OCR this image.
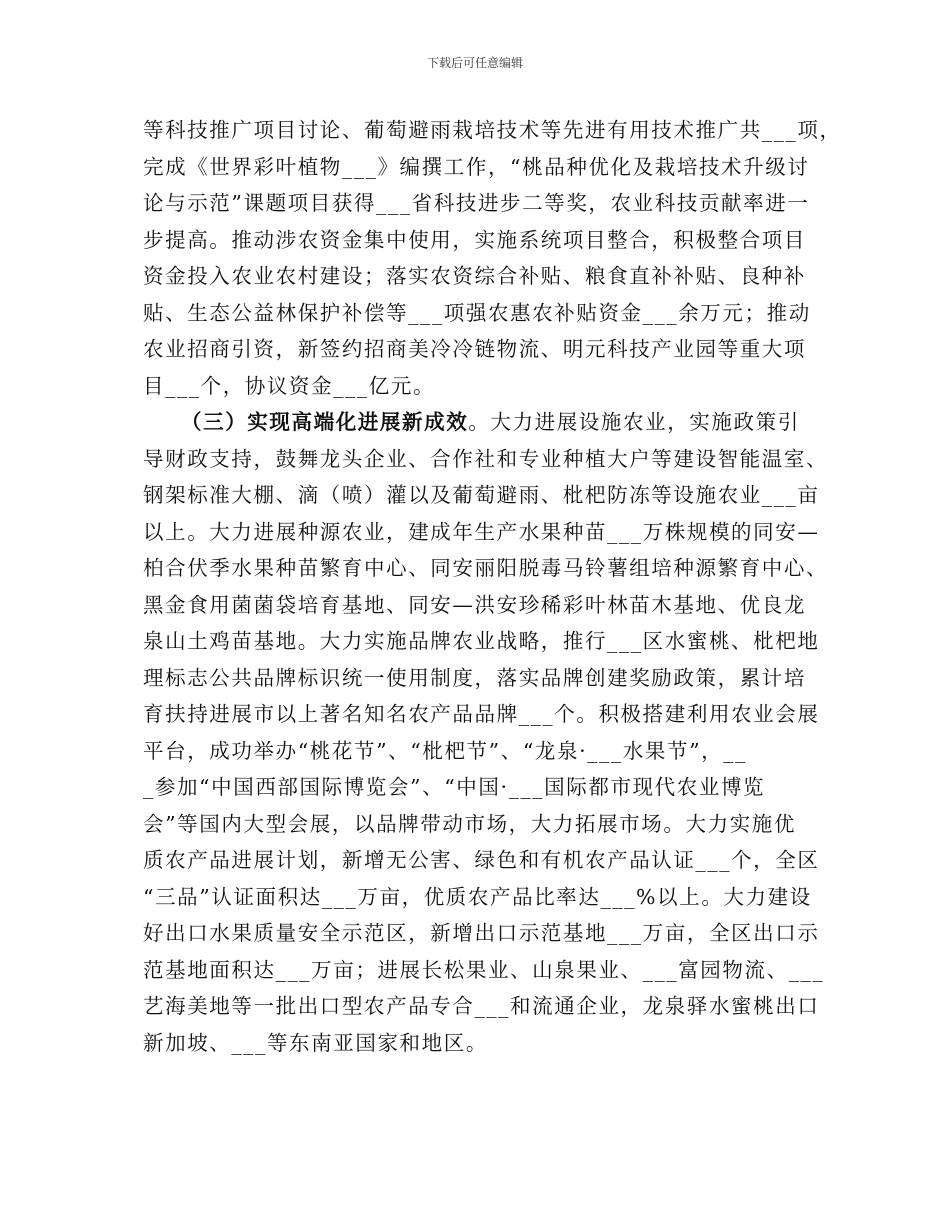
下载后可任意编辑
等科技推广项目讨论、葡萄避雨栽培技术等先进有用技术推广共___项，
完成《世界彩叶植物___》编撰工作，“桃品种优化及栽培技术升级讨
论与示范”课题项目获得___省科技进步二等奖，农业科技贡献率进一
步提高。推动涉农资金集中使用，实施系统项目整合，积极整合项目
资金投入农业农村建设；落实农资综合补贴、粮食直补补贴、良种补
贴、生态公益林保护补偿等___项强农惠农补贴资金___余万元；推动
农业招商引资，新签约招商美冷冷链物流、明元科技产业园等重大项
目___个，协议资金___亿元。
（三）实现高端化进展新成效。大力进展设施农业，实施政策引
导财政支持，鼓舞龙头企业、合作社和专业种植大户等建设智能温室、
钢架标准大棚、滴（喷）灌以及葡萄避雨、枇杷防冻等设施农业___亩
以上。大力进展种源农业，建成年生产水果种苗___万株规模的同安—
柏合伏季水果种苗繁育中心、同安丽阳脱毒马铃薯组培种源繁育中心、
黑金食用菌菌袋培育基地、同安—洪安珍稀彩叶林苗木基地、优良龙
泉山土鸡苗基地。大力实施品牌农业战略，推行___区水蜜桃、枇杷地
理标志公共品牌标识统一使用制度，落实品牌创建奖励政策，累计培
育扶持进展市以上著名知名农产品品牌___个。积极搭建利用农业会展
平台，成功举办“桃花节”、“枇杷节”、“龙泉·___水果节”，__
_参加“中国西部国际博览会”、“中国·___国际都市现代农业博览
会”等国内大型会展，以品牌带动市场，大力拓展市场。大力实施优
质农产品进展计划，新增无公害、绿色和有机农产品认证___个，全区
“三品”认证面积达___万亩，优质农产品比率达___%以上。大力建设
好出口水果质量安全示范区，新增出口示范基地___万亩，全区出口示
范基地面积达___万亩；进展长松果业、山泉果业、___富园物流、___
艺海美地等一批出口型农产品专合___和流通企业，龙泉驿水蜜桃出口
新加坡、___等东南亚国家和地区。
